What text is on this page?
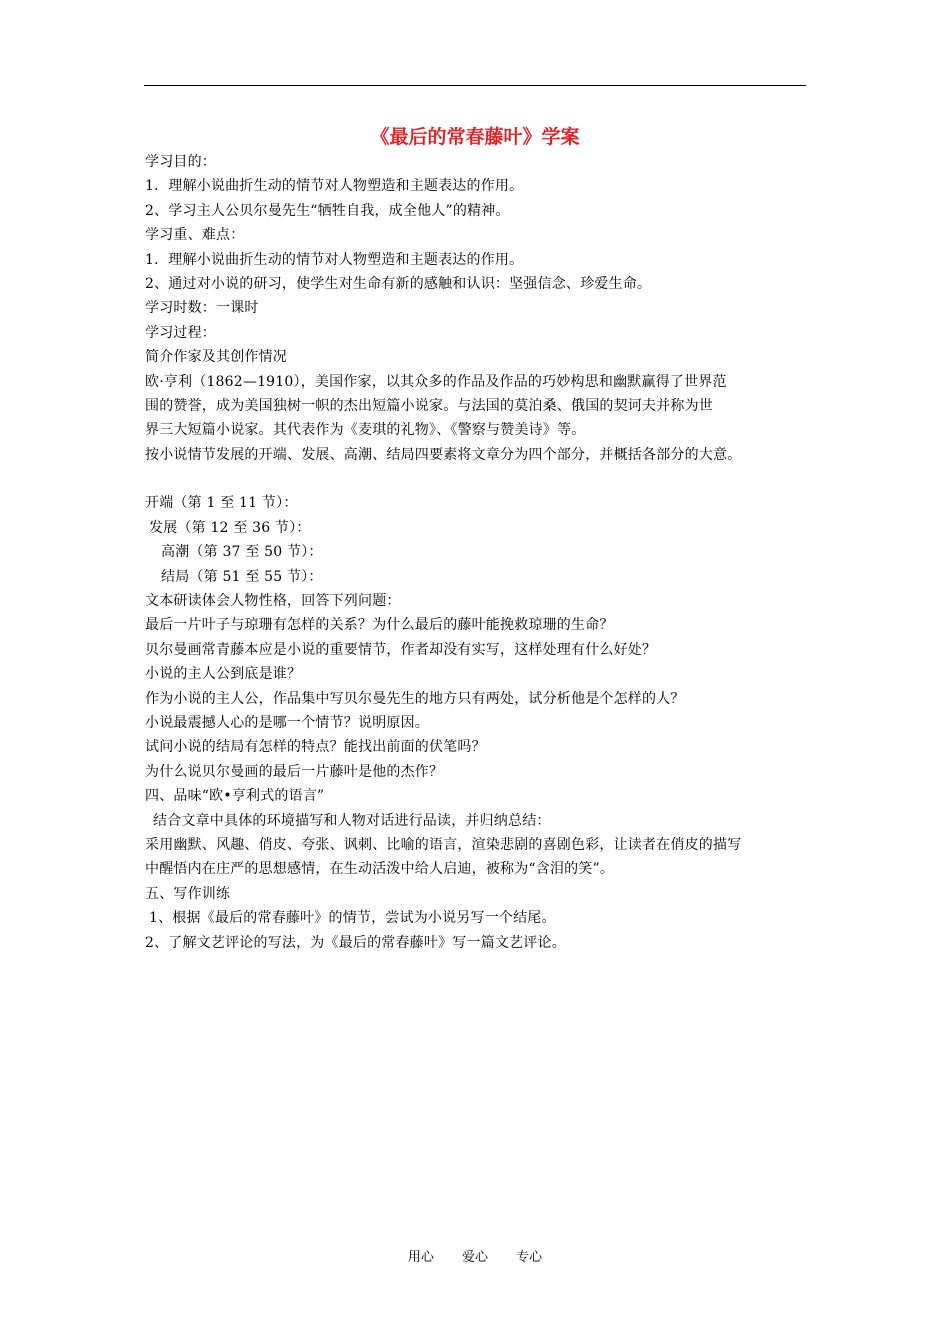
《最后的常春藤叶》学案
学习目的：
1．理解小说曲折生动的情节对人物塑造和主题表达的作用。
2、学习主人公贝尔曼先生“牺牲自我，成全他人”的精神。
学习重、难点：
1．理解小说曲折生动的情节对人物塑造和主题表达的作用。
2、通过对小说的研习，使学生对生命有新的感触和认识：坚强信念、珍爱生命。
学习时数：一课时
学习过程：
简介作家及其创作情况
欧·亨利（1862—1910），美国作家，以其众多的作品及作品的巧妙构思和幽默赢得了世界范
围的赞誉，成为美国独树一帜的杰出短篇小说家。与法国的莫泊桑、俄国的契诃夫并称为世
界三大短篇小说家。其代表作为《麦琪的礼物》、《警察与赞美诗》等。
按小说情节发展的开端、发展、高潮、结局四要素将文章分为四个部分，并概括各部分的大意。
开端（第 1 至 11 节）：
发展（第 12 至 36 节）：
高潮（第 37 至 50 节）：
结局（第 51 至 55 节）：
文本研读体会人物性格，回答下列问题：
最后一片叶子与琼珊有怎样的关系？为什么最后的藤叶能挽救琼珊的生命？
贝尔曼画常青藤本应是小说的重要情节，作者却没有实写，这样处理有什么好处？
小说的主人公到底是谁？
作为小说的主人公，作品集中写贝尔曼先生的地方只有两处，试分析他是个怎样的人？
小说最震撼人心的是哪一个情节？说明原因。
试问小说的结局有怎样的特点？能找出前面的伏笔吗？
为什么说贝尔曼画的最后一片藤叶是他的杰作？
四、品味“欧•亨利式的语言”
结合文章中具体的环境描写和人物对话进行品读，并归纳总结：
采用幽默、风趣、俏皮、夸张、讽刺、比喻的语言，渲染悲剧的喜剧色彩，让读者在俏皮的描写
中醒悟内在庄严的思想感情，在生动活泼中给人启迪，被称为“含泪的笑”。
五、写作训练
1、根据《最后的常春藤叶》的情节，尝试为小说另写一个结尾。
2、了解文艺评论的写法，为《最后的常春藤叶》写一篇文艺评论。
用心 爱心 专心
